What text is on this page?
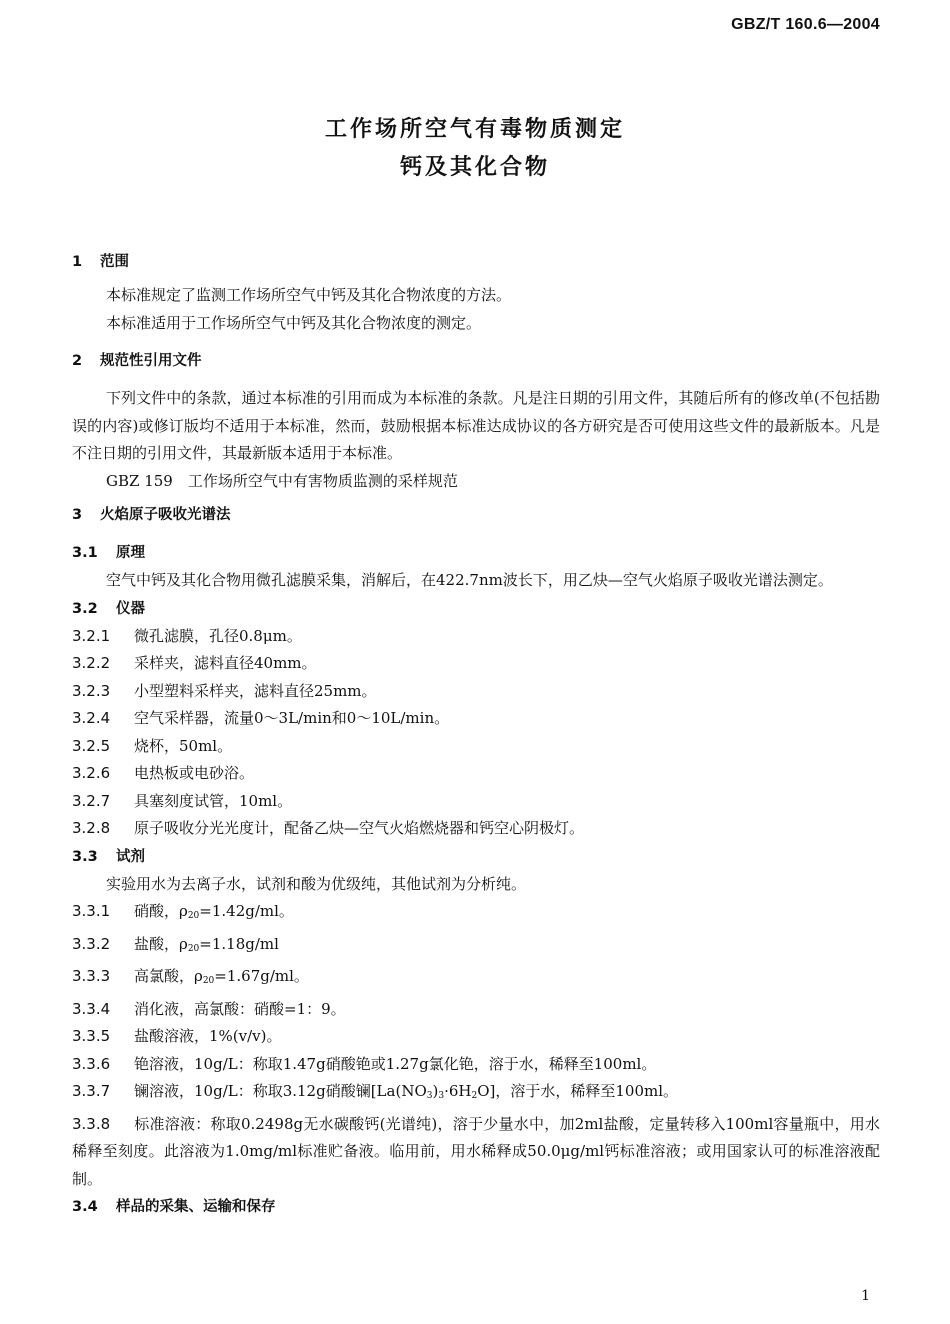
GBZ/T 160.6—2004
工作场所空气有毒物质测定
钙及其化合物
1 范围
本标准规定了监测工作场所空气中钙及其化合物浓度的方法。
本标准适用于工作场所空气中钙及其化合物浓度的测定。
2 规范性引用文件
下列文件中的条款，通过本标准的引用而成为本标准的条款。凡是注日期的引用文件，其随后所有的修改单(不包括勘误的内容)或修订版均不适用于本标准，然而，鼓励根据本标准达成协议的各方研究是否可使用这些文件的最新版本。凡是不注日期的引用文件，其最新版本适用于本标准。
GBZ 159　工作场所空气中有害物质监测的采样规范
3 火焰原子吸收光谱法
3.1 原理
空气中钙及其化合物用微孔滤膜采集，消解后，在422.7nm波长下，用乙炔—空气火焰原子吸收光谱法测定。
3.2 仪器
3.2.1 微孔滤膜，孔径0.8μm。
3.2.2 采样夹，滤料直径40mm。
3.2.3 小型塑料采样夹，滤料直径25mm。
3.2.4 空气采样器，流量0～3L/min和0～10L/min。
3.2.5 烧杯，50ml。
3.2.6 电热板或电砂浴。
3.2.7 具塞刻度试管，10ml。
3.2.8 原子吸收分光光度计，配备乙炔—空气火焰燃烧器和钙空心阴极灯。
3.3 试剂
实验用水为去离子水，试剂和酸为优级纯，其他试剂为分析纯。
3.3.1 硝酸，$\rho_{20}=1.42g/ml$。
3.3.2 盐酸，$\rho_{20}=1.18g/ml$
3.3.3 高氯酸，$\rho_{20}=1.67g/ml$。
3.3.4 消化液，高氯酸：硝酸=1：9。
3.3.5 盐酸溶液，1%(v/v)。
3.3.6 铯溶液，10g/L：称取1.47g硝酸铯或1.27g氯化铯，溶于水，稀释至100ml。
3.3.7 镧溶液，10g/L：称取3.12g硝酸镧$[La(NO_3)_3\cdot 6H_2O]$，溶于水，稀释至100ml。
3.3.8 标准溶液：称取0.2498g无水碳酸钙(光谱纯)，溶于少量水中，加2ml盐酸，定量转移入100ml容量瓶中，用水稀释至刻度。此溶液为1.0mg/ml标准贮备液。临用前，用水稀释成50.0μg/ml钙标准溶液；或用国家认可的标准溶液配制。
3.4 样品的采集、运输和保存
1
